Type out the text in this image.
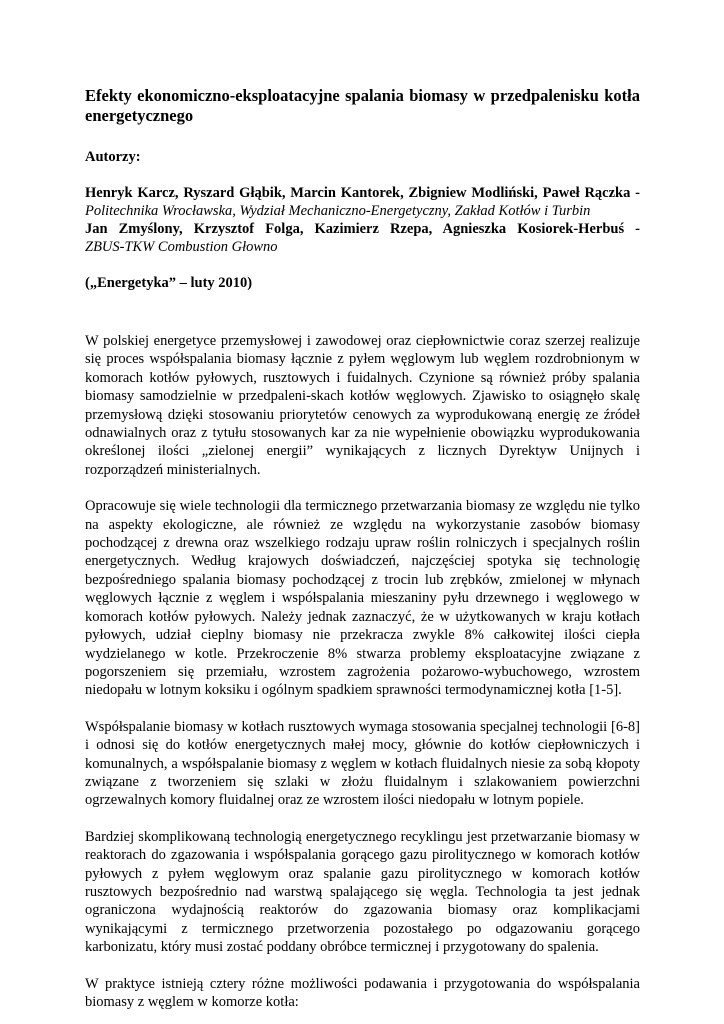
Efekty ekonomiczno-eksploatacyjne spalania biomasy w przedpalenisku kotła energetycznego
Autorzy:
Henryk Karcz, Ryszard Głąbik, Marcin Kantorek, Zbigniew Modliński, Paweł Rączka -
Politechnika Wrocławska, Wydział Mechaniczno-Energetyczny, Zakład Kotłów i Turbin
Jan Zmyślony, Krzysztof Folga, Kazimierz Rzepa, Agnieszka Kosiorek-Herbuś -
ZBUS-TKW Combustion Głowno
(„Energetyka” – luty 2010)

W polskiej energetyce przemysłowej i zawodowej oraz ciepłownictwie coraz szerzej realizuje się proces współspalania biomasy łącznie z pyłem węglowym lub węglem rozdrobnionym w komorach kotłów pyłowych, rusztowych i fuidalnych. Czynione są również próby spalania biomasy samodzielnie w przedpaleni-skach kotłów węglowych. Zjawisko to osiągnęło skalę przemysłową dzięki stosowaniu priorytetów cenowych za wyprodukowaną energię ze źródeł odnawialnych oraz z tytułu stosowanych kar za nie wypełnienie obowiązku wyprodukowania określonej ilości „zielonej energii” wynikających z licznych Dyrektyw Unijnych i rozporządzeń ministerialnych.

Opracowuje się wiele technologii dla termicznego przetwarzania biomasy ze względu nie tylko na aspekty ekologiczne, ale również ze względu na wykorzystanie zasobów biomasy pochodzącej z drewna oraz wszelkiego rodzaju upraw roślin rolniczych i specjalnych roślin energetycznych. Według krajowych doświadczeń, najczęściej spotyka się technologię bezpośredniego spalania biomasy pochodzącej z trocin lub zrębków, zmielonej w młynach węglowych łącznie z węglem i współspalania mieszaniny pyłu drzewnego i węglowego w komorach kotłów pyłowych. Należy jednak zaznaczyć, że w użytkowanych w kraju kotłach pyłowych, udział cieplny biomasy nie przekracza zwykle 8% całkowitej ilości ciepła wydzielanego w kotle. Przekroczenie 8% stwarza problemy eksploatacyjne związane z pogorszeniem się przemiału, wzrostem zagrożenia pożarowo-wybuchowego, wzrostem niedopału w lotnym koksiku i ogólnym spadkiem sprawności termodynamicznej kotła [1-5].

Współspalanie biomasy w kotłach rusztowych wymaga stosowania specjalnej technologii [6-8] i odnosi się do kotłów energetycznych małej mocy, głównie do kotłów ciepłowniczych i komunalnych, a współspalanie biomasy z węglem w kotłach fluidalnych niesie za sobą kłopoty związane z tworzeniem się szlaki w złożu fluidalnym i szlakowaniem powierzchni ogrzewalnych komory fluidalnej oraz ze wzrostem ilości niedopału w lotnym popiele.

Bardziej skomplikowaną technologią energetycznego recyklingu jest przetwarzanie biomasy w reaktorach do zgazowania i współspalania gorącego gazu pirolitycznego w komorach kotłów pyłowych z pyłem węglowym oraz spalanie gazu pirolitycznego w komorach kotłów rusztowych bezpośrednio nad warstwą spalającego się węgla. Technologia ta jest jednak ograniczona wydajnością reaktorów do zgazowania biomasy oraz komplikacjami wynikającymi z termicznego przetworzenia pozostałego po odgazowaniu gorącego karbonizatu, który musi zostać poddany obróbce termicznej i przygotowany do spalenia.

W praktyce istnieją cztery różne możliwości podawania i przygotowania do współspalania biomasy z węglem w komorze kotła:
